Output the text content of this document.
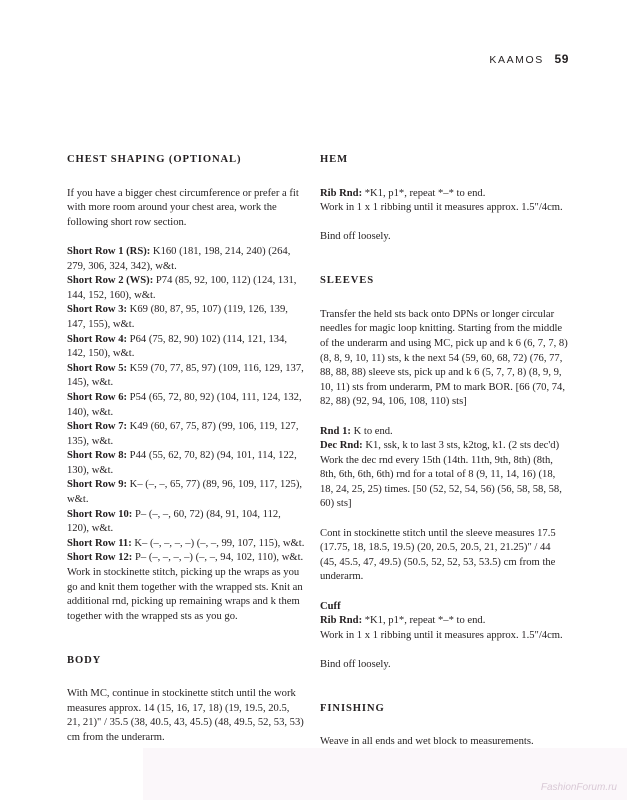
KAAMOS 59
CHEST SHAPING (OPTIONAL)

If you have a bigger chest circumference or prefer a fit with more room around your chest area, work the following short row section.

Short Row 1 (RS): K160 (181, 198, 214, 240) (264, 279, 306, 324, 342), w&t.

Short Row 2 (WS): P74 (85, 92, 100, 112) (124, 131, 144, 152, 160), w&t.

Short Row 3: K69 (80, 87, 95, 107) (119, 126, 139, 147, 155), w&t.

Short Row 4: P64 (75, 82, 90) 102) (114, 121, 134, 142, 150), w&t.

Short Row 5: K59 (70, 77, 85, 97) (109, 116, 129, 137, 145), w&t.

Short Row 6: P54 (65, 72, 80, 92) (104, 111, 124, 132, 140), w&t.

Short Row 7: K49 (60, 67, 75, 87) (99, 106, 119, 127, 135), w&t.

Short Row 8: P44 (55, 62, 70, 82) (94, 101, 114, 122, 130), w&t.

Short Row 9: K– (–, –, 65, 77) (89, 96, 109, 117, 125), w&t.

Short Row 10: P– (–, –, 60, 72) (84, 91, 104, 112, 120), w&t.

Short Row 11: K– (–, –, –, –) (–, –, 99, 107, 115), w&t.

Short Row 12: P– (–, –, –, –) (–, –, 94, 102, 110), w&t.

Work in stockinette stitch, picking up the wraps as you go and knit them together with the wrapped sts. Knit an additional rnd, picking up remaining wraps and k them together with the wrapped sts as you go.

BODY

With MC, continue in stockinette stitch until the work measures approx. 14 (15, 16, 17, 18) (19, 19.5, 20.5, 21, 21)" / 35.5 (38, 40.5, 43, 45.5) (48, 49.5, 52, 53, 53) cm from the underarm.

HEM

Rib Rnd: *K1, p1*, repeat *–* to end.

Work in 1 x 1 ribbing until it measures approx. 1.5"/4cm.

Bind off loosely.

SLEEVES

Transfer the held sts back onto DPNs or longer circular needles for magic loop knitting. Starting from the middle of the underarm and using MC, pick up and k 6 (6, 7, 7, 8) (8, 8, 9, 10, 11) sts, k the next 54 (59, 60, 68, 72) (76, 77, 88, 88, 88) sleeve sts, pick up and k 6 (5, 7, 7, 8) (8, 9, 9, 10, 11) sts from underarm, PM to mark BOR. [66 (70, 74, 82, 88) (92, 94, 106, 108, 110) sts]

Rnd 1: K to end.

Dec Rnd: K1, ssk, k to last 3 sts, k2tog, k1. (2 sts dec'd) Work the dec rnd every 15th (14th. 11th, 9th, 8th) (8th, 8th, 6th, 6th, 6th) rnd for a total of 8 (9, 11, 14, 16) (18, 18, 24, 25, 25) times. [50 (52, 52, 54, 56) (56, 58, 58, 58, 60) sts]

Cont in stockinette stitch until the sleeve measures 17.5 (17.75, 18, 18.5, 19.5) (20, 20.5, 20.5, 21, 21.25)" / 44 (45, 45.5, 47, 49.5) (50.5, 52, 52, 53, 53.5) cm from the underarm.

Cuff

Rib Rnd: *K1, p1*, repeat *–* to end.

Work in 1 x 1 ribbing until it measures approx. 1.5"/4cm.

Bind off loosely.

FINISHING

Weave in all ends and wet block to measurements.

FashionForum.ru
